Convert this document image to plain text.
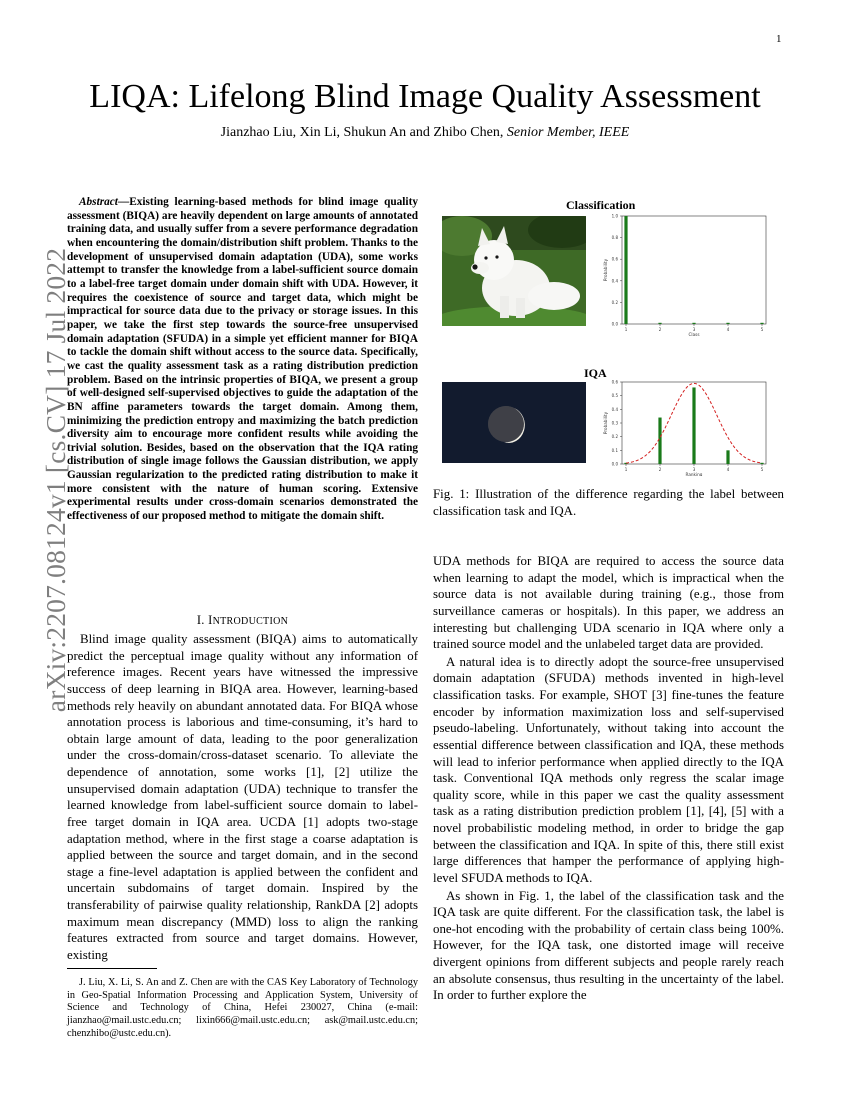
1
arXiv:2207.08124v1 [cs.CV] 17 Jul 2022
LIQA: Lifelong Blind Image Quality Assessment
Jianzhao Liu, Xin Li, Shukun An and Zhibo Chen, Senior Member, IEEE

Abstract—Existing learning-based methods for blind image quality assessment (BIQA) are heavily dependent on large amounts of annotated training data, and usually suffer from a severe performance degradation when encountering the domain/distribution shift problem. Thanks to the development of unsupervised domain adaptation (UDA), some works attempt to transfer the knowledge from a label-sufficient source domain to a label-free target domain under domain shift with UDA. However, it requires the coexistence of source and target data, which might be impractical for source data due to the privacy or storage issues. In this paper, we take the first step towards the source-free unsupervised domain adaptation (SFUDA) in a simple yet efficient manner for BIQA to tackle the domain shift without access to the source data. Specifically, we cast the quality assessment task as a rating distribution prediction problem. Based on the intrinsic properties of BIQA, we present a group of well-designed self-supervised objectives to guide the adaptation of the BN affine parameters towards the target domain. Among them, minimizing the prediction entropy and maximizing the batch prediction diversity aim to encourage more confident results while avoiding the trivial solution. Besides, based on the observation that the IQA rating distribution of single image follows the Gaussian distribution, we apply Gaussian regularization to the predicted rating distribution to make it more consistent with the nature of human scoring. Extensive experimental results under cross-domain scenarios demonstrated the effectiveness of our proposed method to mitigate the domain shift.

I. INTRODUCTION

Blind image quality assessment (BIQA) aims to automatically predict the perceptual image quality without any information of reference images. Recent years have witnessed the impressive success of deep learning in BIQA area. However, learning-based methods rely heavily on abundant annotated data. For BIQA whose annotation process is laborious and time-consuming, it’s hard to obtain large amount of data, leading to the poor generalization under the cross-domain/cross-dataset scenario. To alleviate the dependence of annotation, some works [1], [2] utilize the unsupervised domain adaptation (UDA) technique to transfer the learned knowledge from label-sufficient source domain to label-free target domain in IQA area. UCDA [1] adopts two-stage adaptation method, where in the first stage a coarse adaptation is applied between the source and target domain, and in the second stage a fine-level adaptation is applied between the confident and uncertain subdomains of target domain. Inspired by the transferability of pairwise quality relationship, RankDA [2] adopts maximum mean discrepancy (MMD) loss to align the ranking features extracted from source and target domains. However, existing

J. Liu, X. Li, S. An and Z. Chen are with the CAS Key Laboratory of Technology in Geo-Spatial Information Processing and Application System, University of Science and Technology of China, Hefei 230027, China (e-mail: jianzhao@mail.ustc.edu.cn; lixin666@mail.ustc.edu.cn; ask@mail.ustc.edu.cn; chenzhibo@ustc.edu.cn).

Classification
IQA
0.0
0.2
0.4
0.6
0.8
1.0
1	2	3	4	5
Class
Probability
0.0
0.1
0.2
0.3
0.4
0.5
0.6
1	2	3	4	5
Ranking
Probability

Fig. 1: Illustration of the difference regarding the label between classification task and IQA.

UDA methods for BIQA are required to access the source data when learning to adapt the model, which is impractical when the source data is not available during training (e.g., those from surveillance cameras or hospitals). In this paper, we address an interesting but challenging UDA scenario in IQA where only a trained source model and the unlabeled target data are provided.

A natural idea is to directly adopt the source-free unsupervised domain adaptation (SFUDA) methods invented in high-level classification tasks. For example, SHOT [3] fine-tunes the feature encoder by information maximization loss and self-supervised pseudo-labeling. Unfortunately, without taking into account the essential difference between classification and IQA, these methods will lead to inferior performance when applied directly to the IQA task. Conventional IQA methods only regress the scalar image quality score, while in this paper we cast the quality assessment task as a rating distribution prediction problem [1], [4], [5] with a novel probabilistic modeling method, in order to bridge the gap between the classification and IQA. In spite of this, there still exist large differences that hamper the performance of applying high-level SFUDA methods to IQA.

As shown in Fig. 1, the label of the classification task and the IQA task are quite different. For the classification task, the label is one-hot encoding with the probability of certain class being 100%. However, for the IQA task, one distorted image will receive divergent opinions from different subjects and people rarely reach an absolute consensus, thus resulting in the uncertainty of the label. In order to further explore the
